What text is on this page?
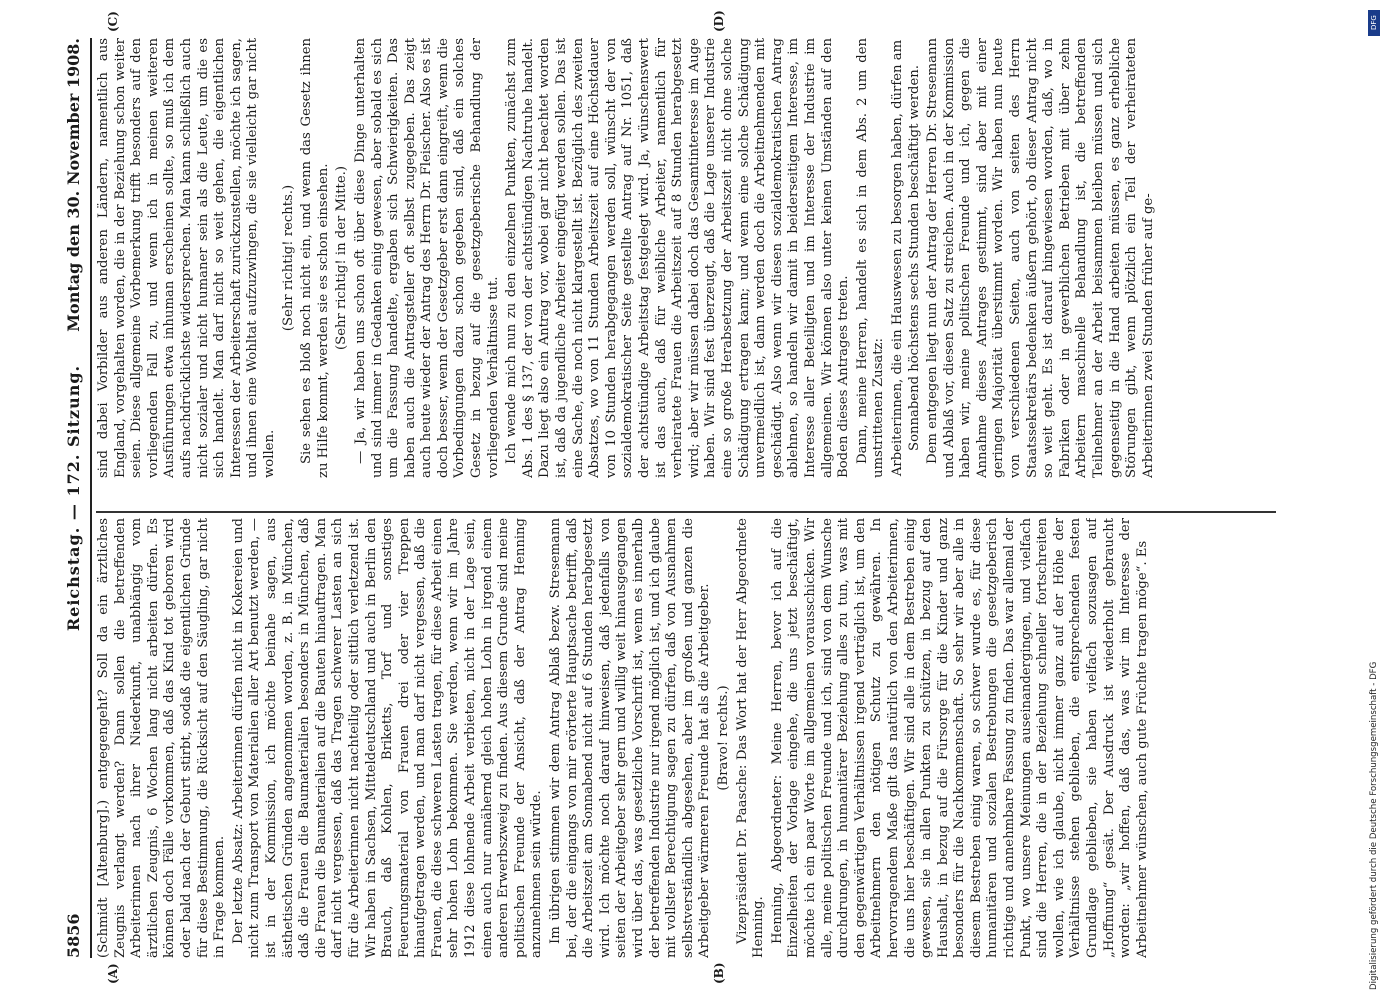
5856
Reichstag. — 172. Sitzung.
Montag den 30. November 1908.
(A)	(B)
(C)	(D)

(Schmidt [Altenburg].) entgegengeht? Soll da ein ärztliches Zeugnis verlangt werden? Dann sollen die betreffenden Arbeiterinnen nach ihrer Niederkunft, unabhängig vom ärztlichen Zeugnis, 6 Wochen lang nicht arbeiten dürfen. Es können doch Fälle vorkommen, daß das Kind tot geboren wird oder bald nach der Geburt stirbt, sodaß die eigentlichen Gründe für diese Bestimmung, die Rücksicht auf den Säugling, gar nicht in Frage kommen. Der letzte Absatz: Arbeiterinnen dürfen nicht in Kokereien und nicht zum Transport von Materialien aller Art benutzt werden, — ist in der Kommission, ich möchte beinahe sagen, aus ästhetischen Gründen angenommen worden, z. B. in München, daß die Frauen die Baumaterialien besonders in München, daß die Frauen die Baumaterialien auf die Bauten hinauftragen. Man darf nicht vergessen, daß das Tragen schwerer Lasten an sich für die Arbeiterinnen nicht nachteilig oder sittlich verletzend ist. Wir haben in Sachsen, Mitteldeutschland und auch in Berlin den Brauch, daß Kohlen, Briketts, Torf und sonstiges Feuerungsmaterial von Frauen drei oder vier Treppen hinaufgetragen werden, und man darf nicht vergessen, daß die Frauen, die diese schweren Lasten tragen, für diese Arbeit einen sehr hohen Lohn bekommen. Sie werden, wenn wir im Jahre 1912 diese lohnende Arbeit verbieten, nicht in der Lage sein, einen auch nur annähernd gleich hohen Lohn in irgend einem anderen Erwerbszweig zu finden. Aus diesem Grunde sind meine politischen Freunde der Ansicht, daß der Antrag Henning anzunehmen sein würde. Im übrigen stimmen wir dem Antrag Ablaß bezw. Stresemann bei, der die eingangs von mir erörterte Hauptsache betrifft, daß die Arbeitszeit am Sonnabend nicht auf 6 Stunden herabgesetzt wird. Ich möchte noch darauf hinweisen, daß jedenfalls von seiten der Arbeitgeber sehr gern und willig weit hinausgegangen wird über das, was gesetzliche Vorschrift ist, wenn es innerhalb der betreffenden Industrie nur irgend möglich ist, und ich glaube mit vollster Berechtigung sagen zu dürfen, daß von Ausnahmen selbstverständlich abgesehen, aber im großen und ganzen die Arbeitgeber wärmeren Freunde hat als die Arbeitgeber. (Bravo! rechts.) Vizepräsident Dr. Paasche: Das Wort hat der Herr Abgeordnete Henning. Henning, Abgeordneter: Meine Herren, bevor ich auf die Einzelheiten der Vorlage eingehe, die uns jetzt beschäftigt, möchte ich ein paar Worte im allgemeinen vorausschicken. Wir alle, meine politischen Freunde und ich, sind von dem Wunsche durchdrungen, in humanitärer Beziehung alles zu tun, was mit den gegenwärtigen Verhältnissen irgend verträglich ist, um den Arbeitnehmern den nötigen Schutz zu gewähren. In hervorragendem Maße gilt das natürlich von den Arbeiterinnen, die uns hier beschäftigen. Wir sind alle in dem Bestreben einig gewesen, sie in allen Punkten zu schützen, in bezug auf den Haushalt, in bezug auf die Fürsorge für die Kinder und ganz besonders für die Nachkommenschaft. So sehr wir aber alle in diesem Bestreben einig waren, so schwer wurde es, für diese humanitären und sozialen Bestrebungen die gesetzgeberisch richtige und annehmbare Fassung zu finden. Das war allemal der Punkt, wo unsere Meinungen auseinandergingen, und vielfach sind die Herren, die in der Beziehung schneller fortschreiten wollen, wie ich glaube, nicht immer ganz auf der Höhe der Verhältnisse stehen geblieben, die entsprechenden festen Grundlage geblieben, sie haben vielfach sozusagen auf „Hoffnung“ gesät. Der Ausdruck ist wiederholt gebraucht worden: „wir hoffen, daß das, was wir im Interesse der Arbeitnehmer wünschen, auch gute Früchte tragen möge“. Es

sind dabei Vorbilder aus anderen Ländern, namentlich aus England, vorgehalten worden, die in der Beziehung schon weiter seien. Diese allgemeine Vorbemerkung trifft besonders auf den vorliegenden Fall zu, und wenn ich in meinen weiteren Ausführungen etwa inhuman erscheinen sollte, so muß ich dem aufs nachdrücklichste widersprechen. Man kann schließlich auch nicht sozialer und nicht humaner sein als die Leute, um die es sich handelt. Man darf nicht so weit gehen, die eigentlichen Interessen der Arbeiterschaft zurückzustellen, möchte ich sagen, und ihnen eine Wohltat aufzuzwingen, die sie vielleicht gar nicht wollen.

(Sehr richtig! rechts.) Sie sehen es bloß noch nicht ein, und wenn das Gesetz ihnen zu Hilfe kommt, werden sie es schon einsehen. (Sehr richtig! in der Mitte.) — Ja, wir haben uns schon oft über diese Dinge unterhalten und sind immer in Gedanken einig gewesen, aber sobald es sich um die Fassung handelte, ergaben sich Schwierigkeiten. Das haben auch die Antragsteller oft selbst zugegeben. Das zeigt auch heute wieder der Antrag des Herrn Dr. Fleischer. Also es ist doch besser, wenn der Gesetzgeber erst dann eingreift, wenn die Vorbedingungen dazu schon gegeben sind, daß ein solches Gesetz in bezug auf die gesetzgeberische Behandlung der vorliegenden Verhältnisse tut. Ich wende mich nun zu den einzelnen Punkten, zunächst zum Abs. 1 des § 137, der von der achtstündigen Nachtruhe handelt. Dazu liegt also ein Antrag vor, wobei gar nicht beachtet worden ist, daß da jugendliche Arbeiter eingefügt werden sollen. Das ist eine Sache, die noch nicht klargestellt ist. Bezüglich des zweiten Absatzes, wo von 11 Stunden Arbeitszeit auf eine Höchstdauer von 10 Stunden herabgegangen werden soll, wünscht der von sozialdemokratischer Seite gestellte Antrag auf Nr. 1051, daß der achtstündige Arbeitstag festgelegt wird. Ja, wünschenswert ist das auch, daß für weibliche Arbeiter, namentlich für verheiratete Frauen die Arbeitszeit auf 8 Stunden herabgesetzt wird; aber wir müssen dabei doch das Gesamtinteresse im Auge haben. Wir sind fest überzeugt, daß die Lage unserer Industrie eine so große Herabsetzung der Arbeitszeit nicht ohne solche Schädigung ertragen kann; und wenn eine solche Schädigung unvermeidlich ist, dann werden doch die Arbeitnehmenden mit geschädigt. Also wenn wir diesen sozialdemokratischen Antrag ablehnen, so handeln wir damit in beiderseitigem Interesse, im Interesse aller Beteiligten und im Interesse der Industrie im allgemeinen. Wir können also unter keinen Umständen auf den Boden dieses Antrages treten. Dann, meine Herren, handelt es sich in dem Abs. 2 um den umstrittenen Zusatz: Arbeiterinnen, die ein Hauswesen zu besorgen haben, dürfen am Sonnabend höchstens sechs Stunden beschäftigt werden. Dem entgegen liegt nun der Antrag der Herren Dr. Stresemann und Ablaß vor, diesen Satz zu streichen. Auch in der Kommission haben wir, meine politischen Freunde und ich, gegen die Annahme dieses Antrages gestimmt, sind aber mit einer geringen Majorität überstimmt worden. Wir haben nun heute von verschiedenen Seiten, auch von seiten des Herrn Staatssekretärs bedenken äußern gehört, ob dieser Antrag nicht so weit geht. Es ist darauf hingewiesen worden, daß, wo in Fabriken oder in gewerblichen Betrieben mit über zehn Arbeitern maschinelle Behandlung ist, die betreffenden Teilnehmer an der Arbeit beisammen bleiben müssen und sich gegenseitig in die Hand arbeiten müssen, es ganz erhebliche Störungen gibt, wenn plötzlich ein Teil der verheirateten Arbeiterinnen zwei Stunden früher auf ge-

DFG
Digitalisierung gefördert durch die Deutsche Forschungsgemeinschaft - DFG
